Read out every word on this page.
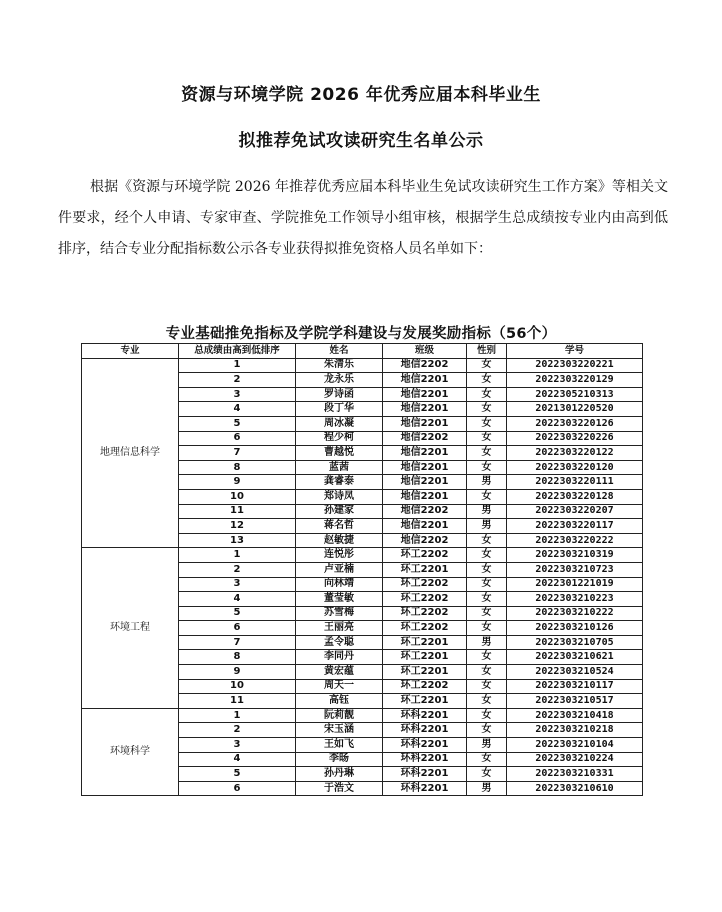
资源与环境学院 2026 年优秀应届本科毕业生
拟推荐免试攻读研究生名单公示
根据《资源与环境学院 2026 年推荐优秀应届本科毕业生免试攻读研究生工作方案》等相关文件要求，经个人申请、专家审查、学院推免工作领导小组审核，根据学生总成绩按专业内由高到低排序，结合专业分配指标数公示各专业获得拟推免资格人员名单如下：
专业基础推免指标及学院学科建设与发展奖励指标（56个）
专业	总成绩由高到低排序	姓名	班级	性别	学号
地理信息科学	1	朱清乐	地信2202	女	2022303220221
	2	龙永乐	地信2201	女	2022303220129
	3	罗诗函	地信2201	女	2022305210313
	4	段丁华	地信2201	女	2021301220520
	5	周冰凝	地信2201	女	2022303220126
	6	程少柯	地信2202	女	2022303220226
	7	曹越悦	地信2201	女	2022303220122
	8	蓝茜	地信2201	女	2022303220120
	9	龚睿泰	地信2201	男	2022303220111
	10	郑诗凤	地信2201	女	2022303220128
	11	孙建家	地信2202	男	2022303220207
	12	蒋名哲	地信2201	男	2022303220117
	13	赵敏捷	地信2202	女	2022303220222
环境工程	1	连悦彤	环工2202	女	2022303210319
	2	卢亚楠	环工2201	女	2022303210723
	3	向林靖	环工2202	女	2022301221019
	4	董莹敏	环工2202	女	2022303210223
	5	苏雪梅	环工2202	女	2022303210222
	6	王丽亮	环工2202	女	2022303210126
	7	孟令聪	环工2201	男	2022303210705
	8	李同丹	环工2201	女	2022303210621
	9	黄宏蕴	环工2201	女	2022303210524
	10	周天一	环工2202	女	2022303210117
	11	高钰	环工2201	女	2022303210517
环境科学	1	阮莉靓	环科2201	女	2022303210418
	2	宋玉涵	环科2201	女	2022303210218
	3	王如飞	环科2201	男	2022303210104
	4	李旸	环科2201	女	2022303210224
	5	孙丹琳	环科2201	女	2022303210331
	6	于浩文	环科2201	男	2022303210610
